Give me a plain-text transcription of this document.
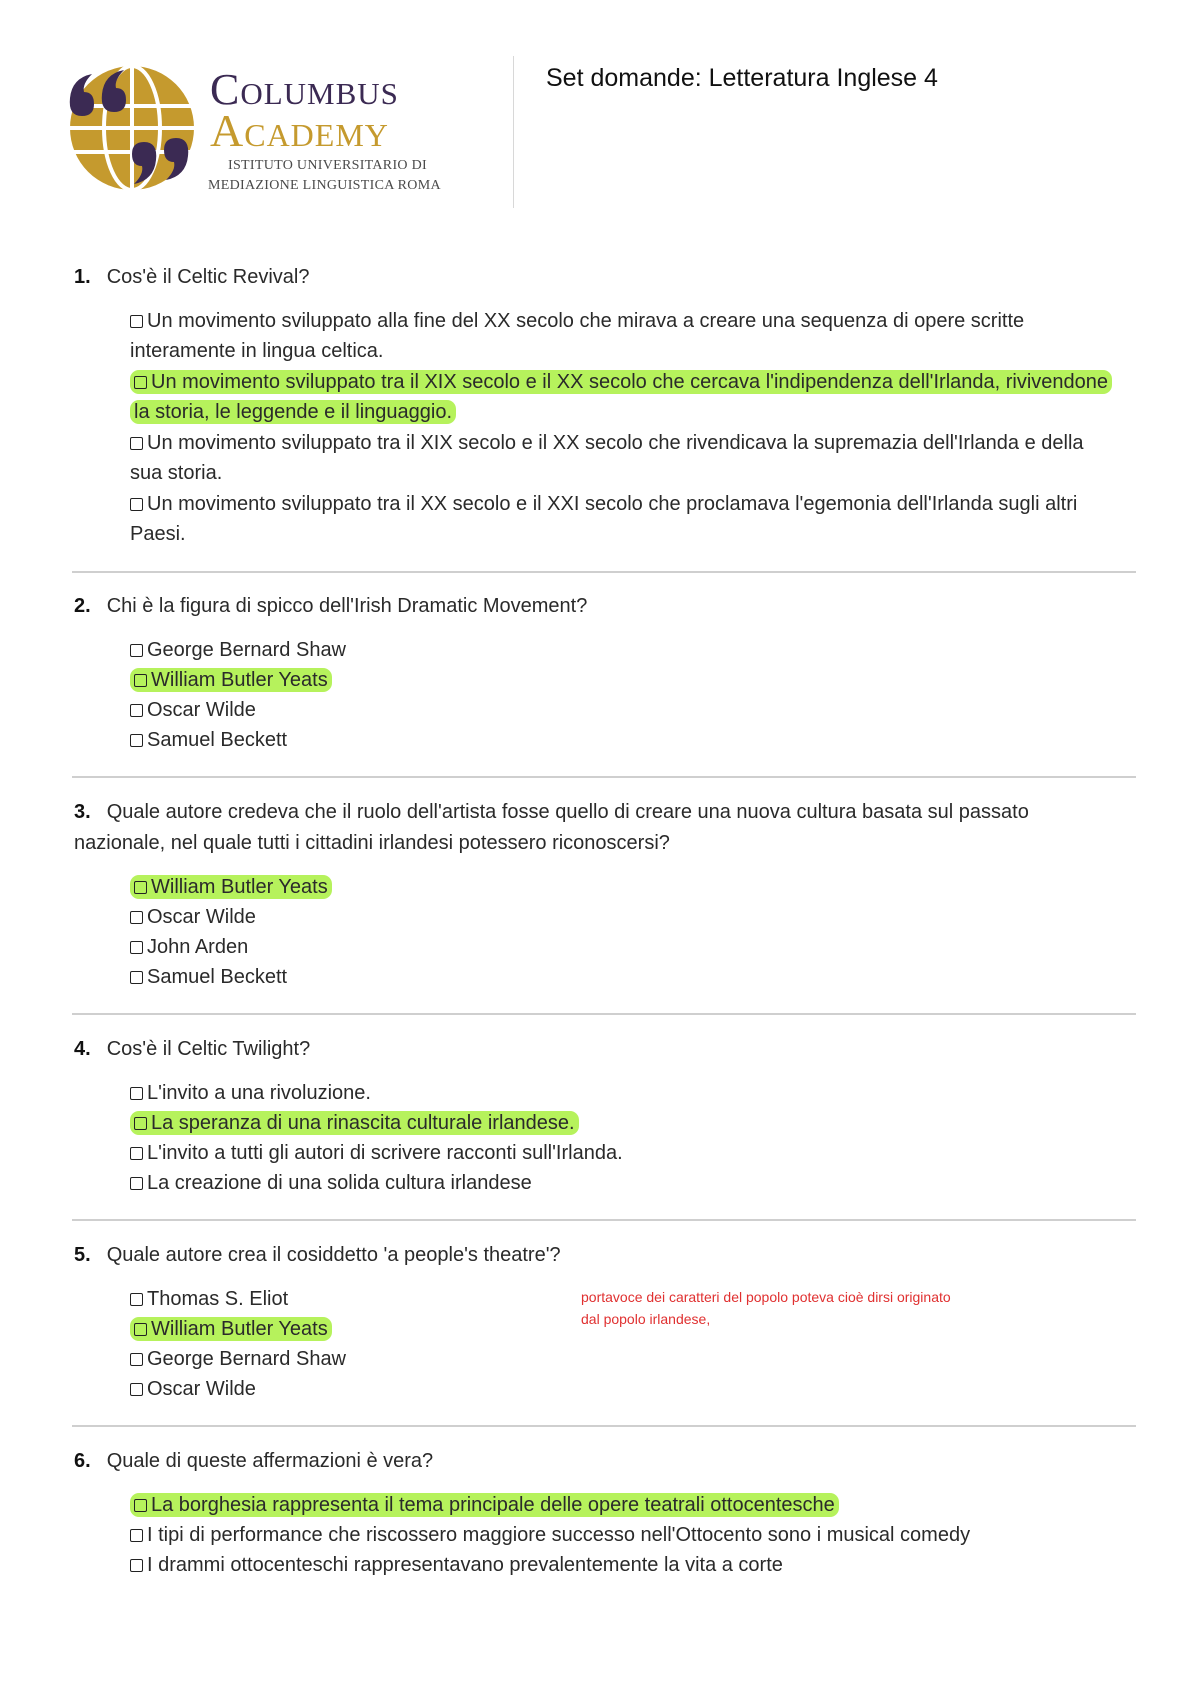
Columbus
Academy
ISTITUTO UNIVERSITARIO DI
MEDIAZIONE LINGUISTICA ROMA
Set domande: Letteratura Inglese 4
1. Cos'è il Celtic Revival?
Un movimento sviluppato alla fine del XX secolo che mirava a creare una sequenza di opere scritte interamente in lingua celtica.
Un movimento sviluppato tra il XIX secolo e il XX secolo che cercava l'indipendenza dell'Irlanda, rivivendone la storia, le leggende e il linguaggio.
Un movimento sviluppato tra il XIX secolo e il XX secolo che rivendicava la supremazia dell'Irlanda e della sua storia.
Un movimento sviluppato tra il XX secolo e il XXI secolo che proclamava l'egemonia dell'Irlanda sugli altri Paesi.
2. Chi è la figura di spicco dell'Irish Dramatic Movement?
George Bernard Shaw
William Butler Yeats
Oscar Wilde
Samuel Beckett
3. Quale autore credeva che il ruolo dell'artista fosse quello di creare una nuova cultura basata sul passato nazionale, nel quale tutti i cittadini irlandesi potessero riconoscersi?
William Butler Yeats
Oscar Wilde
John Arden
Samuel Beckett
4. Cos'è il Celtic Twilight?
L'invito a una rivoluzione.
La speranza di una rinascita culturale irlandese.
L'invito a tutti gli autori di scrivere racconti sull'Irlanda.
La creazione di una solida cultura irlandese
5. Quale autore crea il cosiddetto 'a people's theatre'?
Thomas S. Eliot
William Butler Yeats
George Bernard Shaw
Oscar Wilde
portavoce dei caratteri del popolo poteva cioè dirsi originato dal popolo irlandese,
6. Quale di queste affermazioni è vera?
La borghesia rappresenta il tema principale delle opere teatrali ottocentesche
I tipi di performance che riscossero maggiore successo nell'Ottocento sono i musical comedy
I drammi ottocenteschi rappresentavano prevalentemente la vita a corte
